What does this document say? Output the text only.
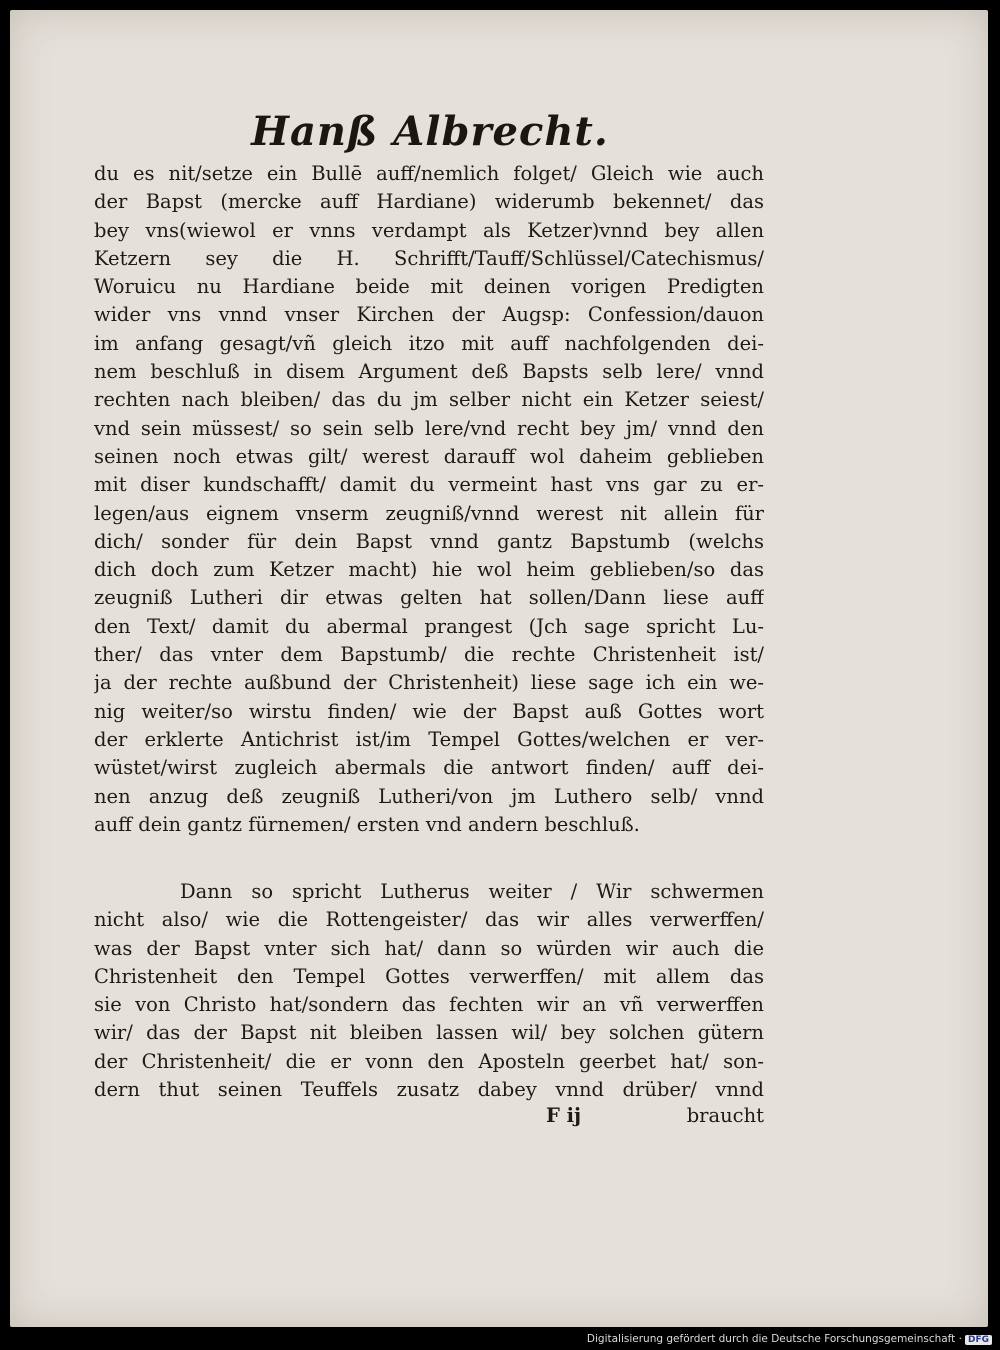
Hanß Albrecht.
du es nit/setze ein Bullē auff/nemlich folget/ Gleich wie auch
der Bapst (mercke auff Hardiane) widerumb bekennet/ das
bey vns(wiewol er vnns verdampt als Ketzer)vnnd bey allen
Ketzern sey die H. Schrifft/Tauff/Schlüssel/Catechismus/
Woruicu nu Hardiane beide mit deinen vorigen Predigten
wider vns vnnd vnser Kirchen der Augsp: Confession/dauon
im anfang gesagt/vñ gleich itzo mit auff nachfolgenden dei-
nem beschluß in disem Argument deß Bapsts selb lere/ vnnd
rechten nach bleiben/ das du jm selber nicht ein Ketzer seiest/
vnd sein müssest/ so sein selb lere/vnd recht bey jm/ vnnd den
seinen noch etwas gilt/ werest darauff wol daheim geblieben
mit diser kundschafft/ damit du vermeint hast vns gar zu er-
legen/aus eignem vnserm zeugniß/vnnd werest nit allein für
dich/ sonder für dein Bapst vnnd gantz Bapstumb (welchs
dich doch zum Ketzer macht) hie wol heim geblieben/so das
zeugniß Lutheri dir etwas gelten hat sollen/Dann liese auff
den Text/ damit du abermal prangest (Jch sage spricht Lu-
ther/ das vnter dem Bapstumb/ die rechte Christenheit ist/
ja der rechte außbund der Christenheit) liese sage ich ein we-
nig weiter/so wirstu finden/ wie der Bapst auß Gottes wort
der erklerte Antichrist ist/im Tempel Gottes/welchen er ver-
wüstet/wirst zugleich abermals die antwort finden/ auff dei-
nen anzug deß zeugniß Lutheri/von jm Luthero selb/ vnnd
auff dein gantz fürnemen/ ersten vnd andern beschluß.
Dann so spricht Lutherus weiter / Wir schwermen
nicht also/ wie die Rottengeister/ das wir alles verwerffen/
was der Bapst vnter sich hat/ dann so würden wir auch die
Christenheit den Tempel Gottes verwerffen/ mit allem das
sie von Christo hat/sondern das fechten wir an vñ verwerffen
wir/ das der Bapst nit bleiben lassen wil/ bey solchen gütern
der Christenheit/ die er vonn den Aposteln geerbet hat/ son-
dern thut seinen Teuffels zusatz dabey vnnd drüber/ vnnd
F ij	braucht
Digitalisierung gefördert durch die Deutsche Forschungsgemeinschaft · DFG
